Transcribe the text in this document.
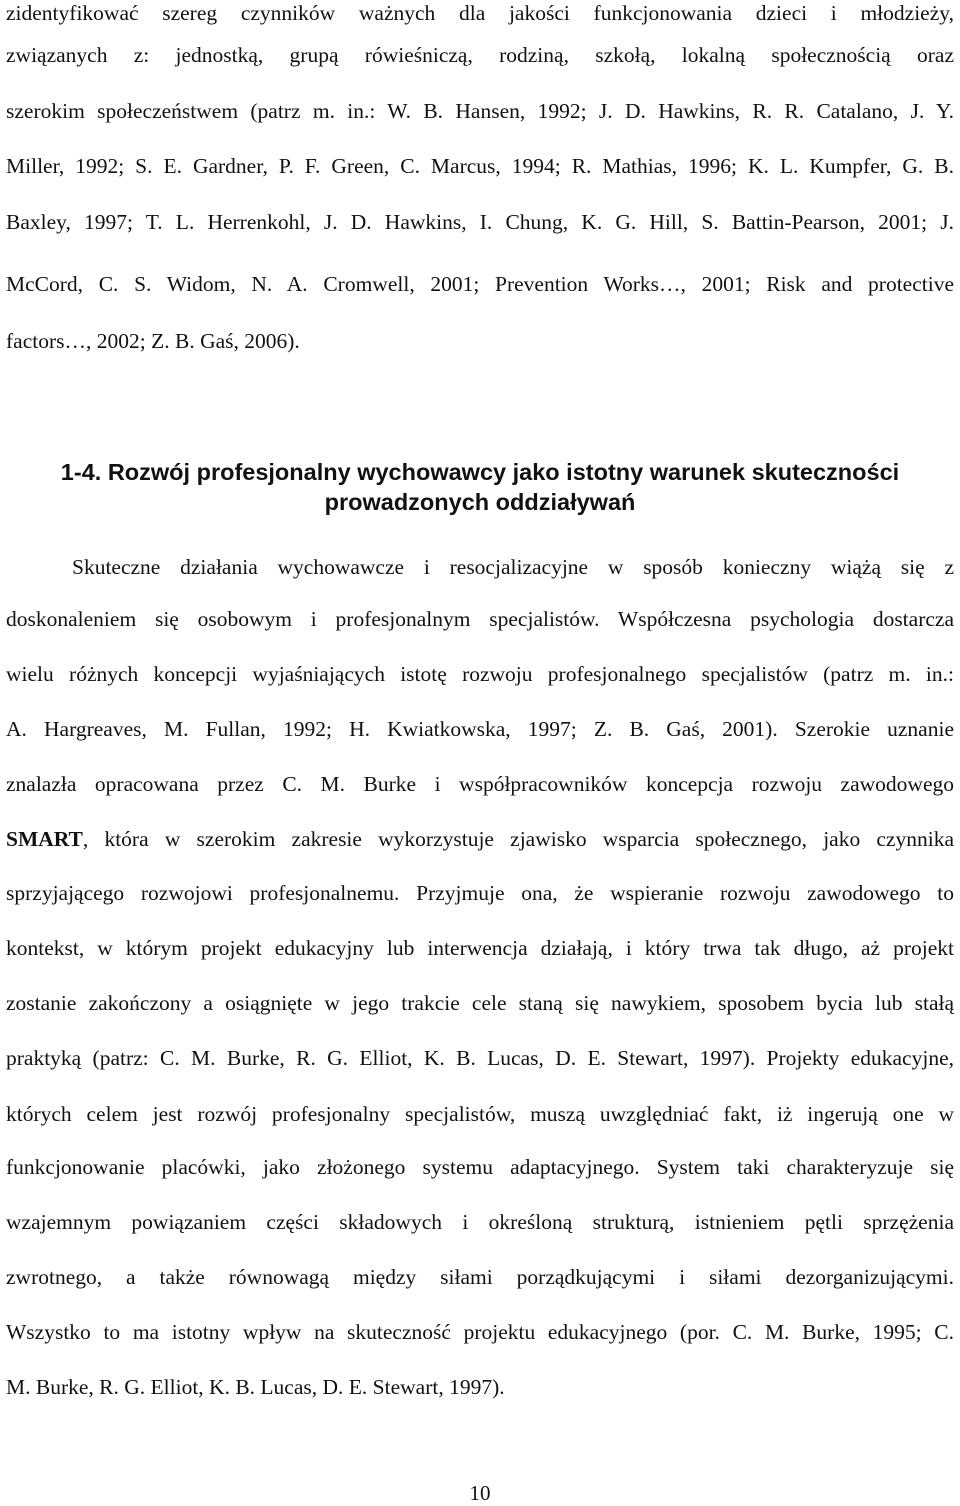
zidentyfikować szereg czynników ważnych dla jakości funkcjonowania dzieci i młodzieży,
związanych z: jednostką, grupą rówieśniczą, rodziną, szkołą, lokalną społecznością oraz
szerokim społeczeństwem (patrz m. in.: W. B. Hansen, 1992; J. D. Hawkins, R. R. Catalano, J. Y.
Miller, 1992; S. E. Gardner, P. F. Green, C. Marcus, 1994; R. Mathias, 1996; K. L. Kumpfer, G. B.
Baxley, 1997; T. L. Herrenkohl, J. D. Hawkins, I. Chung, K. G. Hill, S. Battin-Pearson, 2001; J.
McCord, C. S. Widom, N. A. Cromwell, 2001; Prevention Works…, 2001; Risk and protective
factors…, 2002; Z. B. Gaś, 2006).
1-4. Rozwój profesjonalny wychowawcy jako istotny warunek skuteczności
prowadzonych oddziaływań
Skuteczne działania wychowawcze i resocjalizacyjne w sposób konieczny wiążą się z
doskonaleniem się osobowym i profesjonalnym specjalistów. Współczesna psychologia dostarcza
wielu różnych koncepcji wyjaśniających istotę rozwoju profesjonalnego specjalistów (patrz m. in.:
A. Hargreaves, M. Fullan, 1992; H. Kwiatkowska, 1997; Z. B. Gaś, 2001). Szerokie uznanie
znalazła opracowana przez C. M. Burke i współpracowników koncepcja rozwoju zawodowego
SMART, która w szerokim zakresie wykorzystuje zjawisko wsparcia społecznego, jako czynnika
sprzyjającego rozwojowi profesjonalnemu. Przyjmuje ona, że wspieranie rozwoju zawodowego to
kontekst, w którym projekt edukacyjny lub interwencja działają, i który trwa tak długo, aż projekt
zostanie zakończony a osiągnięte w jego trakcie cele staną się nawykiem, sposobem bycia lub stałą
praktyką (patrz: C. M. Burke, R. G. Elliot, K. B. Lucas, D. E. Stewart, 1997). Projekty edukacyjne,
których celem jest rozwój profesjonalny specjalistów, muszą uwzględniać fakt, iż ingerują one w
funkcjonowanie placówki, jako złożonego systemu adaptacyjnego. System taki charakteryzuje się
wzajemnym powiązaniem części składowych i określoną strukturą, istnieniem pętli sprzężenia
zwrotnego, a także równowagą między siłami porządkującymi i siłami dezorganizującymi.
Wszystko to ma istotny wpływ na skuteczność projektu edukacyjnego (por. C. M. Burke, 1995; C.
M. Burke, R. G. Elliot, K. B. Lucas, D. E. Stewart, 1997).
10
